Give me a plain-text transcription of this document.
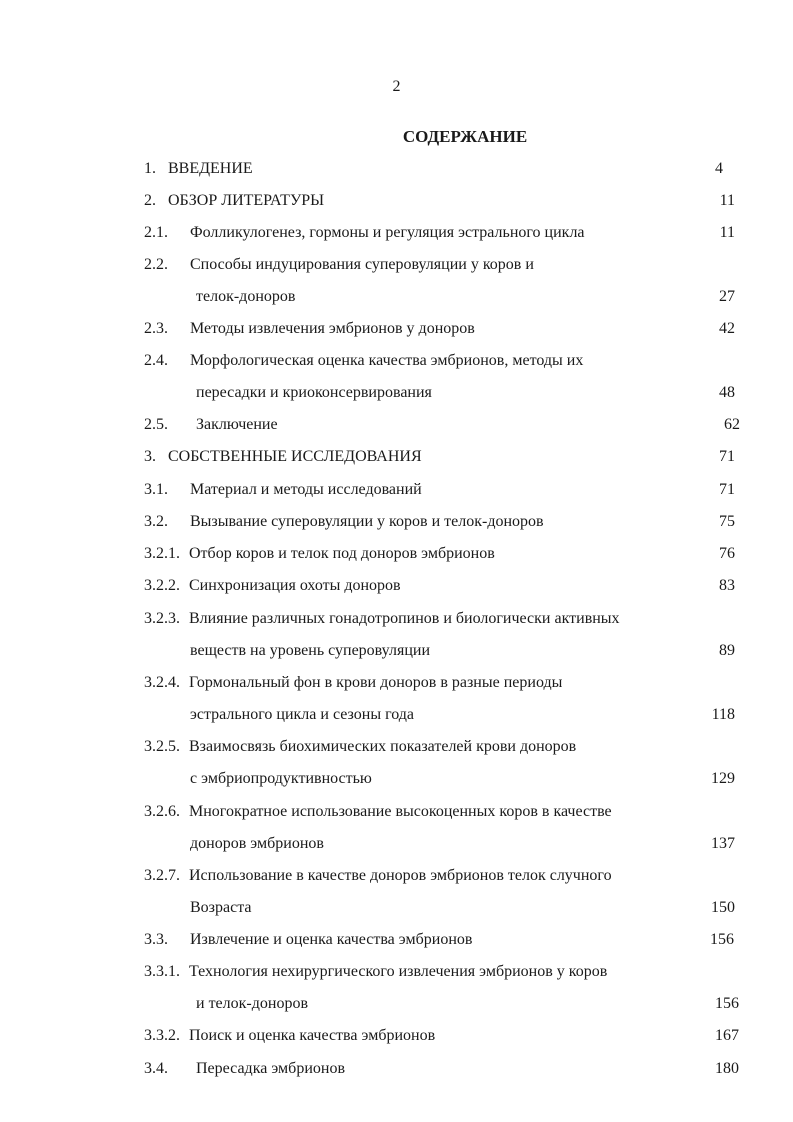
2
СОДЕРЖАНИЕ
1. ВВЕДЕНИЕ	4
2. ОБЗОР ЛИТЕРАТУРЫ	11
2.1. Фолликулогенез, гормоны и регуляция эстрального цикла	11
2.2. Способы индуцирования суперовуляции у коров и
телок-доноров	27
2.3. Методы извлечения эмбрионов у доноров	42
2.4. Морфологическая оценка качества эмбрионов, методы их
пересадки и криоконсервирования	48
2.5. Заключение	62
3. СОБСТВЕННЫЕ ИССЛЕДОВАНИЯ	71
3.1. Материал и методы исследований	71
3.2. Вызывание суперовуляции у коров и телок-доноров	75
3.2.1. Отбор коров и телок под доноров эмбрионов	76
3.2.2. Синхронизация охоты доноров	83
3.2.3. Влияние различных гонадотропинов и биологически активных
веществ на уровень суперовуляции	89
3.2.4. Гормональный фон в крови доноров в разные периоды
эстрального цикла и сезоны года	118
3.2.5. Взаимосвязь биохимических показателей крови доноров
с эмбриопродуктивностью	129
3.2.6. Многократное использование высокоценных коров в качестве
доноров эмбрионов	137
3.2.7. Использование в качестве доноров эмбрионов телок случного
Возраста	150
3.3. Извлечение и оценка качества эмбрионов	156
3.3.1. Технология нехирургического извлечения эмбрионов у коров
и телок-доноров	156
3.3.2. Поиск и оценка качества эмбрионов	167
3.4. Пересадка эмбрионов	180
